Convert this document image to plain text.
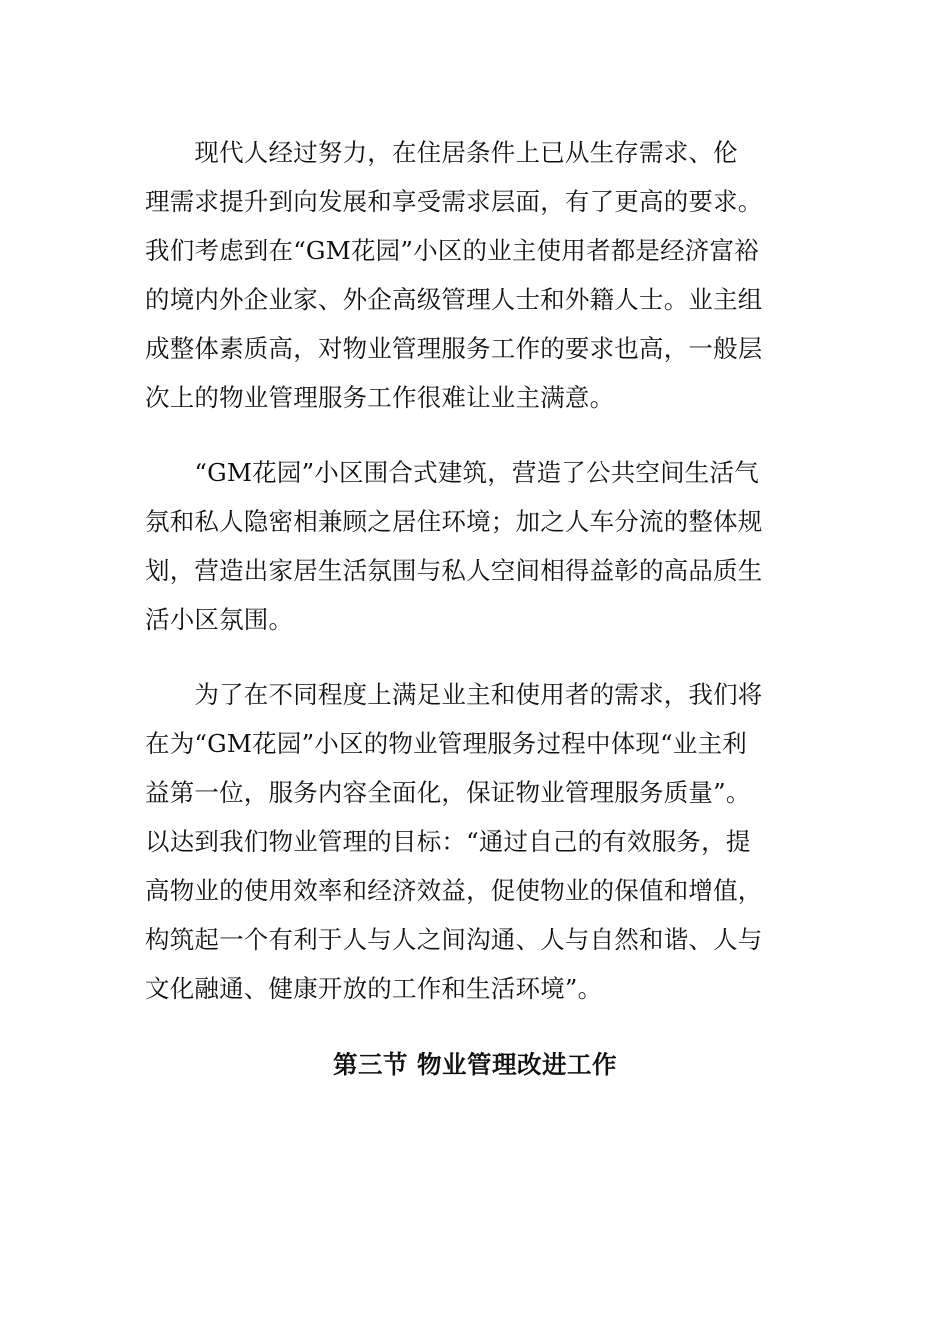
　　现代人经过努力，在住居条件上已从生存需求、伦
理需求提升到向发展和享受需求层面，有了更高的要求。
我们考虑到在“GM花园”小区的业主使用者都是经济富裕
的境内外企业家、外企高级管理人士和外籍人士。业主组
成整体素质高，对物业管理服务工作的要求也高，一般层
次上的物业管理服务工作很难让业主满意。

　　“GM花园”小区围合式建筑，营造了公共空间生活气
氛和私人隐密相兼顾之居住环境；加之人车分流的整体规
划，营造出家居生活氛围与私人空间相得益彰的高品质生
活小区氛围。

　　为了在不同程度上满足业主和使用者的需求，我们将
在为“GM花园”小区的物业管理服务过程中体现“业主利
益第一位，服务内容全面化，保证物业管理服务质量”。
以达到我们物业管理的目标：“通过自己的有效服务，提
高物业的使用效率和经济效益，促使物业的保值和增值，
构筑起一个有利于人与人之间沟通、人与自然和谐、人与
文化融通、健康开放的工作和生活环境”。

第三节 物业管理改进工作
